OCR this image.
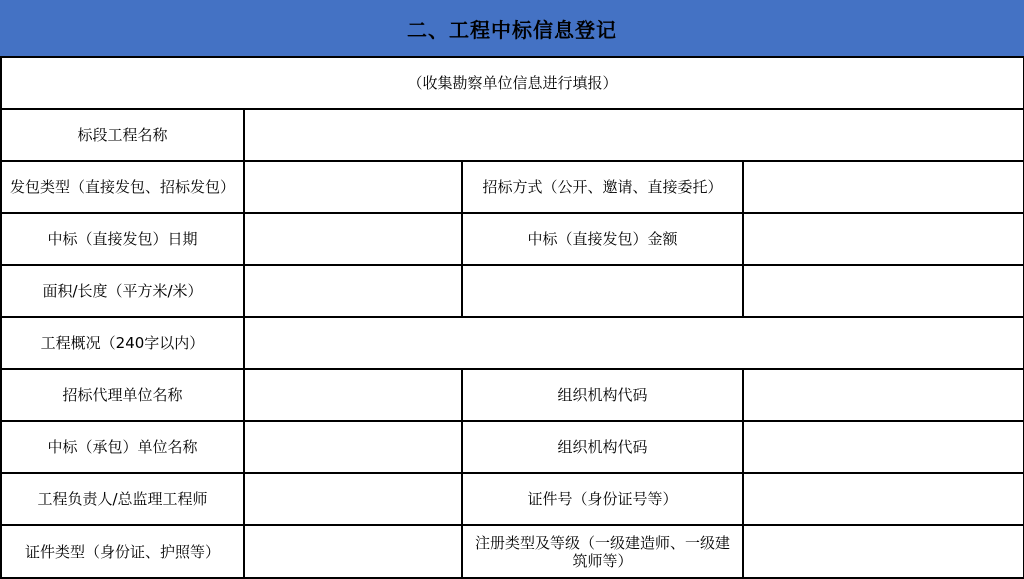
二、工程中标信息登记
（收集勘察单位信息进行填报）			
标段工程名称			
发包类型（直接发包、招标发包）		招标方式（公开、邀请、直接委托）	
中标（直接发包）日期		中标（直接发包）金额	
面积/长度（平方米/米）			
工程概况（240字以内）			
招标代理单位名称		组织机构代码	
中标（承包）单位名称		组织机构代码	
工程负责人/总监理工程师		证件号（身份证号等）	
证件类型（身份证、护照等）		注册类型及等级（一级建造师、一级建筑师等）	
